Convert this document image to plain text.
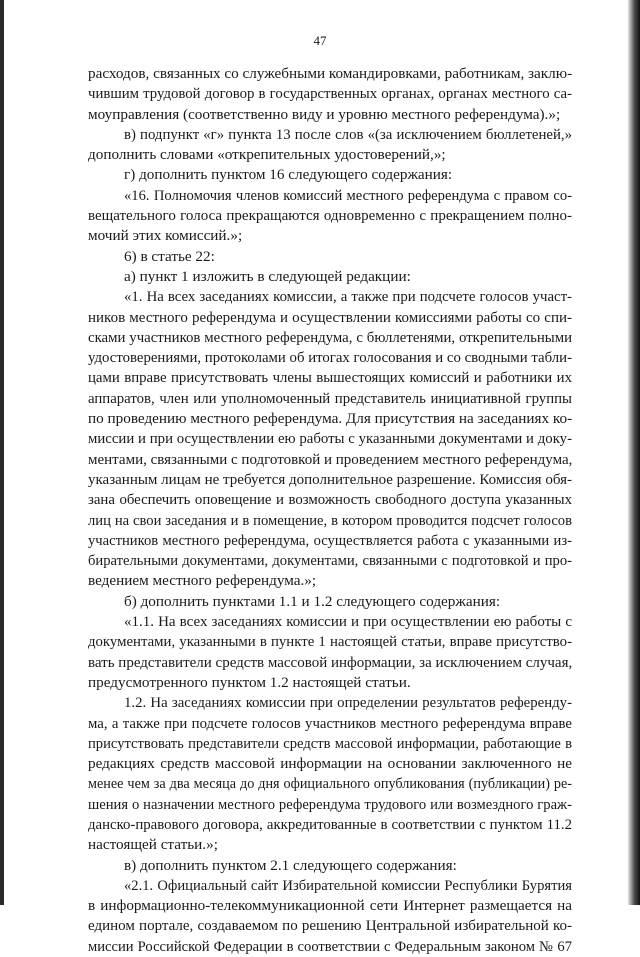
47

расходов, связанных со служебными командировками, работникам, заклю-

чившим трудовой договор в государственных органах, органах местного са-

моуправления (соответственно виду и уровню местного референдума).»;

в) подпункт «г» пункта 13 после слов «(за исключением бюллетеней,»

дополнить словами «открепительных удостоверений,»;

г) дополнить пунктом 16 следующего содержания:

«16. Полномочия членов комиссий местного референдума с правом со-

вещательного голоса прекращаются одновременно с прекращением полно-

мочий этих комиссий.»;

6) в статье 22:

а) пункт 1 изложить в следующей редакции:

«1. На всех заседаниях комиссии, а также при подсчете голосов участ-

ников местного референдума и осуществлении комиссиями работы со спи-

сками участников местного референдума, с бюллетенями, открепительными

удостоверениями, протоколами об итогах голосования и со сводными табли-

цами вправе присутствовать члены вышестоящих комиссий и работники их

аппаратов, член или уполномоченный представитель инициативной группы

по проведению местного референдума. Для присутствия на заседаниях ко-

миссии и при осуществлении ею работы с указанными документами и доку-

ментами, связанными с подготовкой и проведением местного референдума,

указанным лицам не требуется дополнительное разрешение. Комиссия обя-

зана обеспечить оповещение и возможность свободного доступа указанных

лиц на свои заседания и в помещение, в котором проводится подсчет голосов

участников местного референдума, осуществляется работа с указанными из-

бирательными документами, документами, связанными с подготовкой и про-

ведением местного референдума.»;

б) дополнить пунктами 1.1 и 1.2 следующего содержания:

«1.1. На всех заседаниях комиссии и при осуществлении ею работы с

документами, указанными в пункте 1 настоящей статьи, вправе присутство-

вать представители средств массовой информации, за исключением случая,

предусмотренного пунктом 1.2 настоящей статьи.

1.2. На заседаниях комиссии при определении результатов референду-

ма, а также при подсчете голосов участников местного референдума вправе

присутствовать представители средств массовой информации, работающие в

редакциях средств массовой информации на основании заключенного не

менее чем за два месяца до дня официального опубликования (публикации) ре-

шения о назначении местного референдума трудового или возмездного граж-

данско-правового договора, аккредитованные в соответствии с пунктом 11.2

настоящей статьи.»;

в) дополнить пунктом 2.1 следующего содержания:

«2.1. Официальный сайт Избирательной комиссии Республики Бурятия

в информационно-телекоммуникационной сети Интернет размещается на

едином портале, создаваемом по решению Центральной избирательной ко-

миссии Российской Федерации в соответствии с Федеральным законом № 67
